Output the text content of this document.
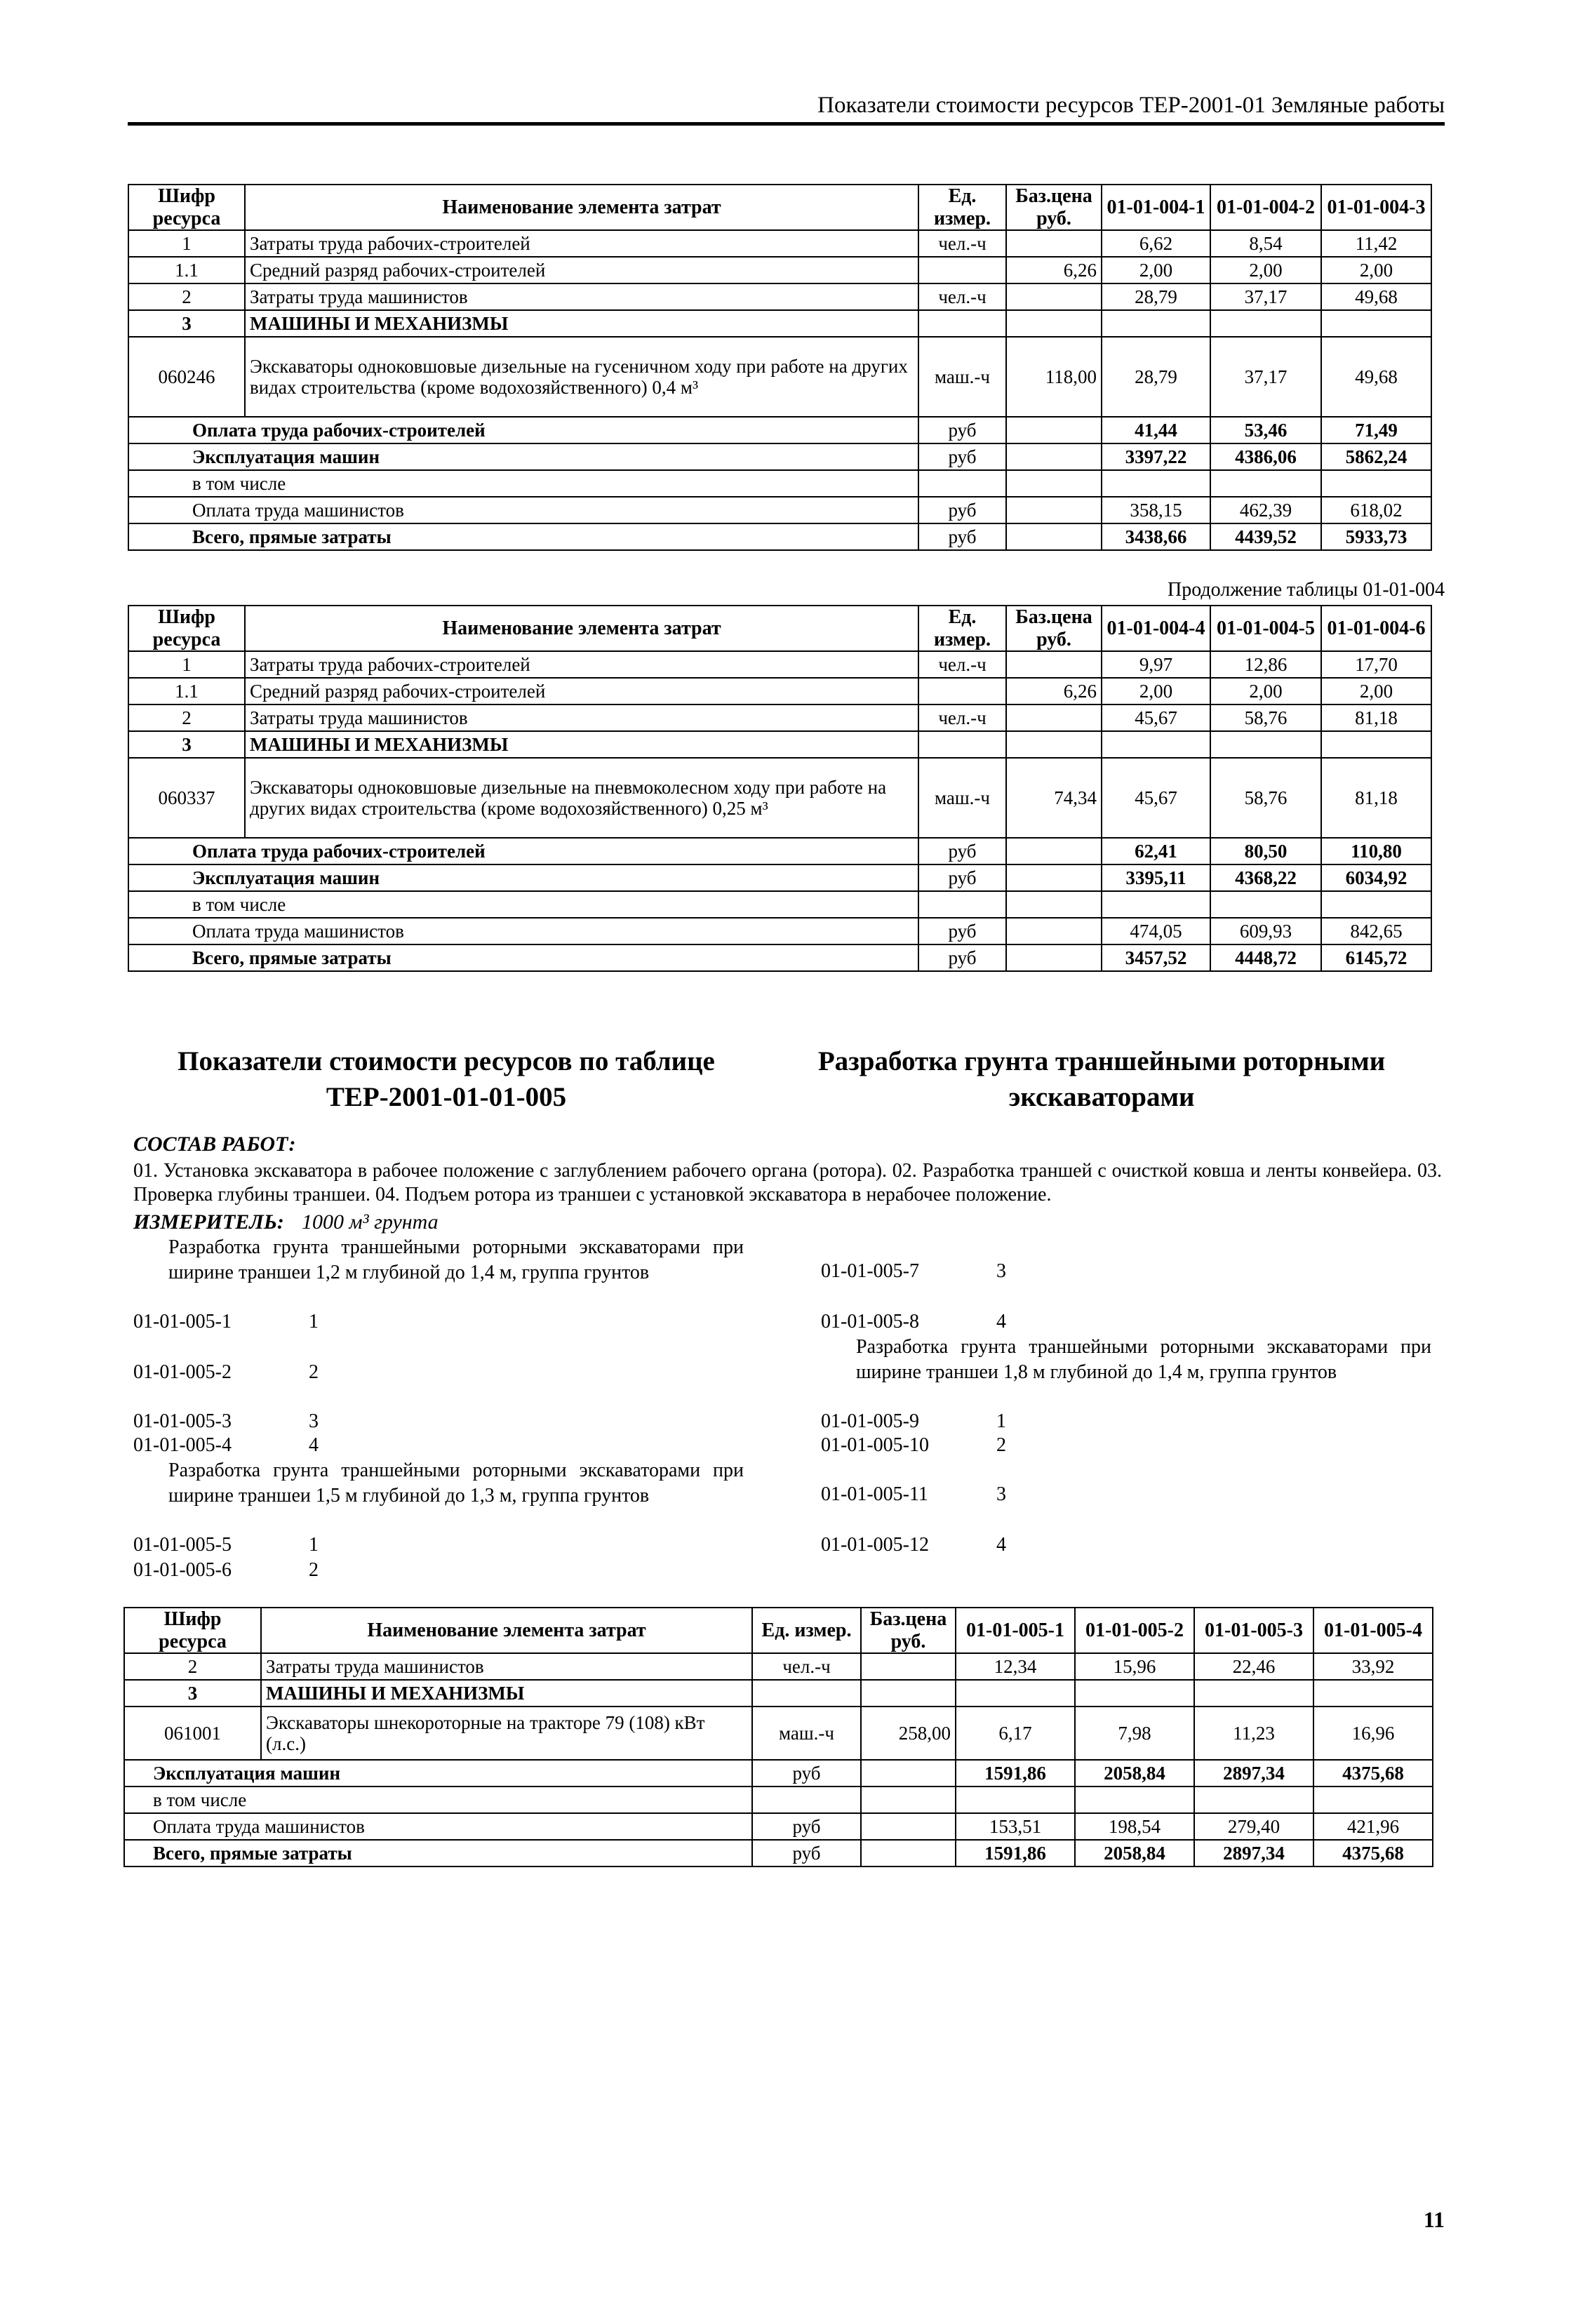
Показатели стоимости ресурсов ТЕР-2001-01 Земляные работы
Шифр ресурса	Наименование элемента затрат	Ед. измер.	Баз.цена руб.	01-01-004-1	01-01-004-2	01-01-004-3
1	Затраты труда рабочих-строителей	чел.-ч		6,62	8,54	11,42
1.1	Средний разряд рабочих-строителей		6,26	2,00	2,00	2,00
2	Затраты труда машинистов	чел.-ч		28,79	37,17	49,68
3	МАШИНЫ И МЕХАНИЗМЫ					
060246	Экскаваторы одноковшовые дизельные на гусеничном ходу при работе на других видах строительства (кроме водохозяйственного) 0,4 м³	маш.-ч	118,00	28,79	37,17	49,68
Оплата труда рабочих-строителей		руб		41,44	53,46	71,49
Эксплуатация машин		руб		3397,22	4386,06	5862,24
в том числе						
Оплата труда машинистов		руб		358,15	462,39	618,02
Всего, прямые затраты		руб		3438,66	4439,52	5933,73
Продолжение таблицы 01-01-004
Шифр ресурса	Наименование элемента затрат	Ед. измер.	Баз.цена руб.	01-01-004-4	01-01-004-5	01-01-004-6
1	Затраты труда рабочих-строителей	чел.-ч		9,97	12,86	17,70
1.1	Средний разряд рабочих-строителей		6,26	2,00	2,00	2,00
2	Затраты труда машинистов	чел.-ч		45,67	58,76	81,18
3	МАШИНЫ И МЕХАНИЗМЫ					
060337	Экскаваторы одноковшовые дизельные на пневмоколесном ходу при работе на других видах строительства (кроме водохозяйственного) 0,25 м³	маш.-ч	74,34	45,67	58,76	81,18
Оплата труда рабочих-строителей		руб		62,41	80,50	110,80
Эксплуатация машин		руб		3395,11	4368,22	6034,92
в том числе						
Оплата труда машинистов		руб		474,05	609,93	842,65
Всего, прямые затраты		руб		3457,52	4448,72	6145,72
Показатели стоимости ресурсов по таблице ТЕР-2001-01-01-005
Разработка грунта траншейными роторными экскаваторами
СОСТАВ РАБОТ:
01. Установка экскаватора в рабочее положение с заглублением рабочего органа (ротора). 02. Разработка траншей с очисткой ковша и ленты конвейера. 03. Проверка глубины траншеи. 04. Подъем ротора из траншеи с установкой экскаватора в нерабочее положение.
ИЗМЕРИТЕЛЬ: 1000 м³ грунта
Разработка грунта траншейными роторными экскаваторами при ширине траншеи 1,2 м глубиной до 1,4 м, группа грунтов
01-01-005-1	1
01-01-005-2	2
01-01-005-3	3
01-01-005-4	4
Разработка грунта траншейными роторными экскаваторами при ширине траншеи 1,5 м глубиной до 1,3 м, группа грунтов
01-01-005-5	1
01-01-005-6	2
01-01-005-7	3
01-01-005-8	4
Разработка грунта траншейными роторными экскаваторами при ширине траншеи 1,8 м глубиной до 1,4 м, группа грунтов
01-01-005-9	1
01-01-005-10	2
01-01-005-11	3
01-01-005-12	4
Шифр ресурса	Наименование элемента затрат	Ед. измер.	Баз.цена руб.	01-01-005-1	01-01-005-2	01-01-005-3	01-01-005-4
2	Затраты труда машинистов	чел.-ч		12,34	15,96	22,46	33,92
3	МАШИНЫ И МЕХАНИЗМЫ						
061001	Экскаваторы шнекороторные на тракторе 79 (108) кВт (л.с.)	маш.-ч	258,00	6,17	7,98	11,23	16,96
Эксплуатация машин		руб		1591,86	2058,84	2897,34	4375,68
в том числе							
Оплата труда машинистов		руб		153,51	198,54	279,40	421,96
Всего, прямые затраты		руб		1591,86	2058,84	2897,34	4375,68
11
